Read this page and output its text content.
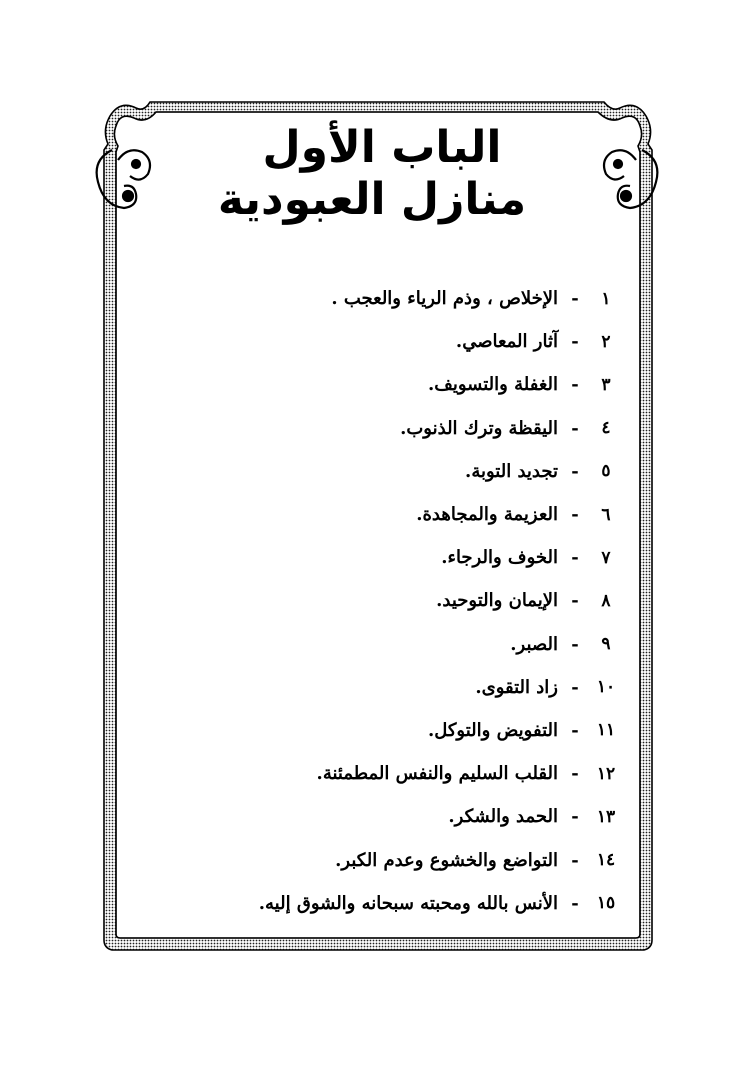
الباب الأول
منازل العبودية
١
-
الإخلاص ، وذم الرياء والعجب .
٢
-
آثار المعاصي.
٣
-
الغفلة والتسويف.
٤
-
اليقظة وترك الذنوب.
٥
-
تجديد التوبة.
٦
-
العزيمة والمجاهدة.
٧
-
الخوف والرجاء.
٨
-
الإيمان والتوحيد.
٩
-
الصبر.
١٠
-
زاد التقوى.
١١
-
التفويض والتوكل.
١٢
-
القلب السليم والنفس المطمئنة.
١٣
-
الحمد والشكر.
١٤
-
التواضع والخشوع وعدم الكبر.
١٥
-
الأنس بالله ومحبته سبحانه والشوق إليه.
